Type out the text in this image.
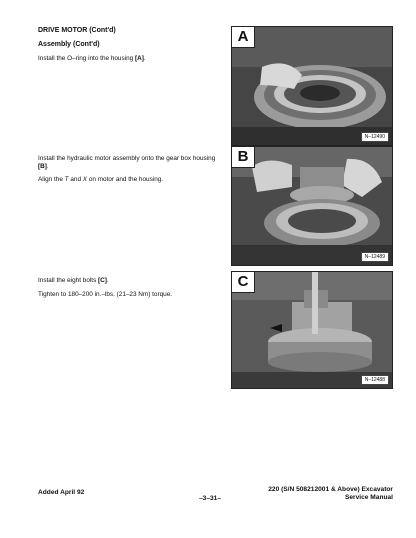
DRIVE MOTOR (Cont'd)
Assembly (Cont'd)
Install the O–ring into the housing [A].
Install the hydraulic motor assembly onto the gear box housing [B].
Align the T and X on motor and the housing.
Install the eight bolts [C].
Tighten to 180–200 in.–lbs. (21–23 Nm) torque.
A
N–12490
B
N–12489
C
N–12488
Added April 92
–3–31–
220 (S/N 508212001 & Above) Excavator
Service Manual
